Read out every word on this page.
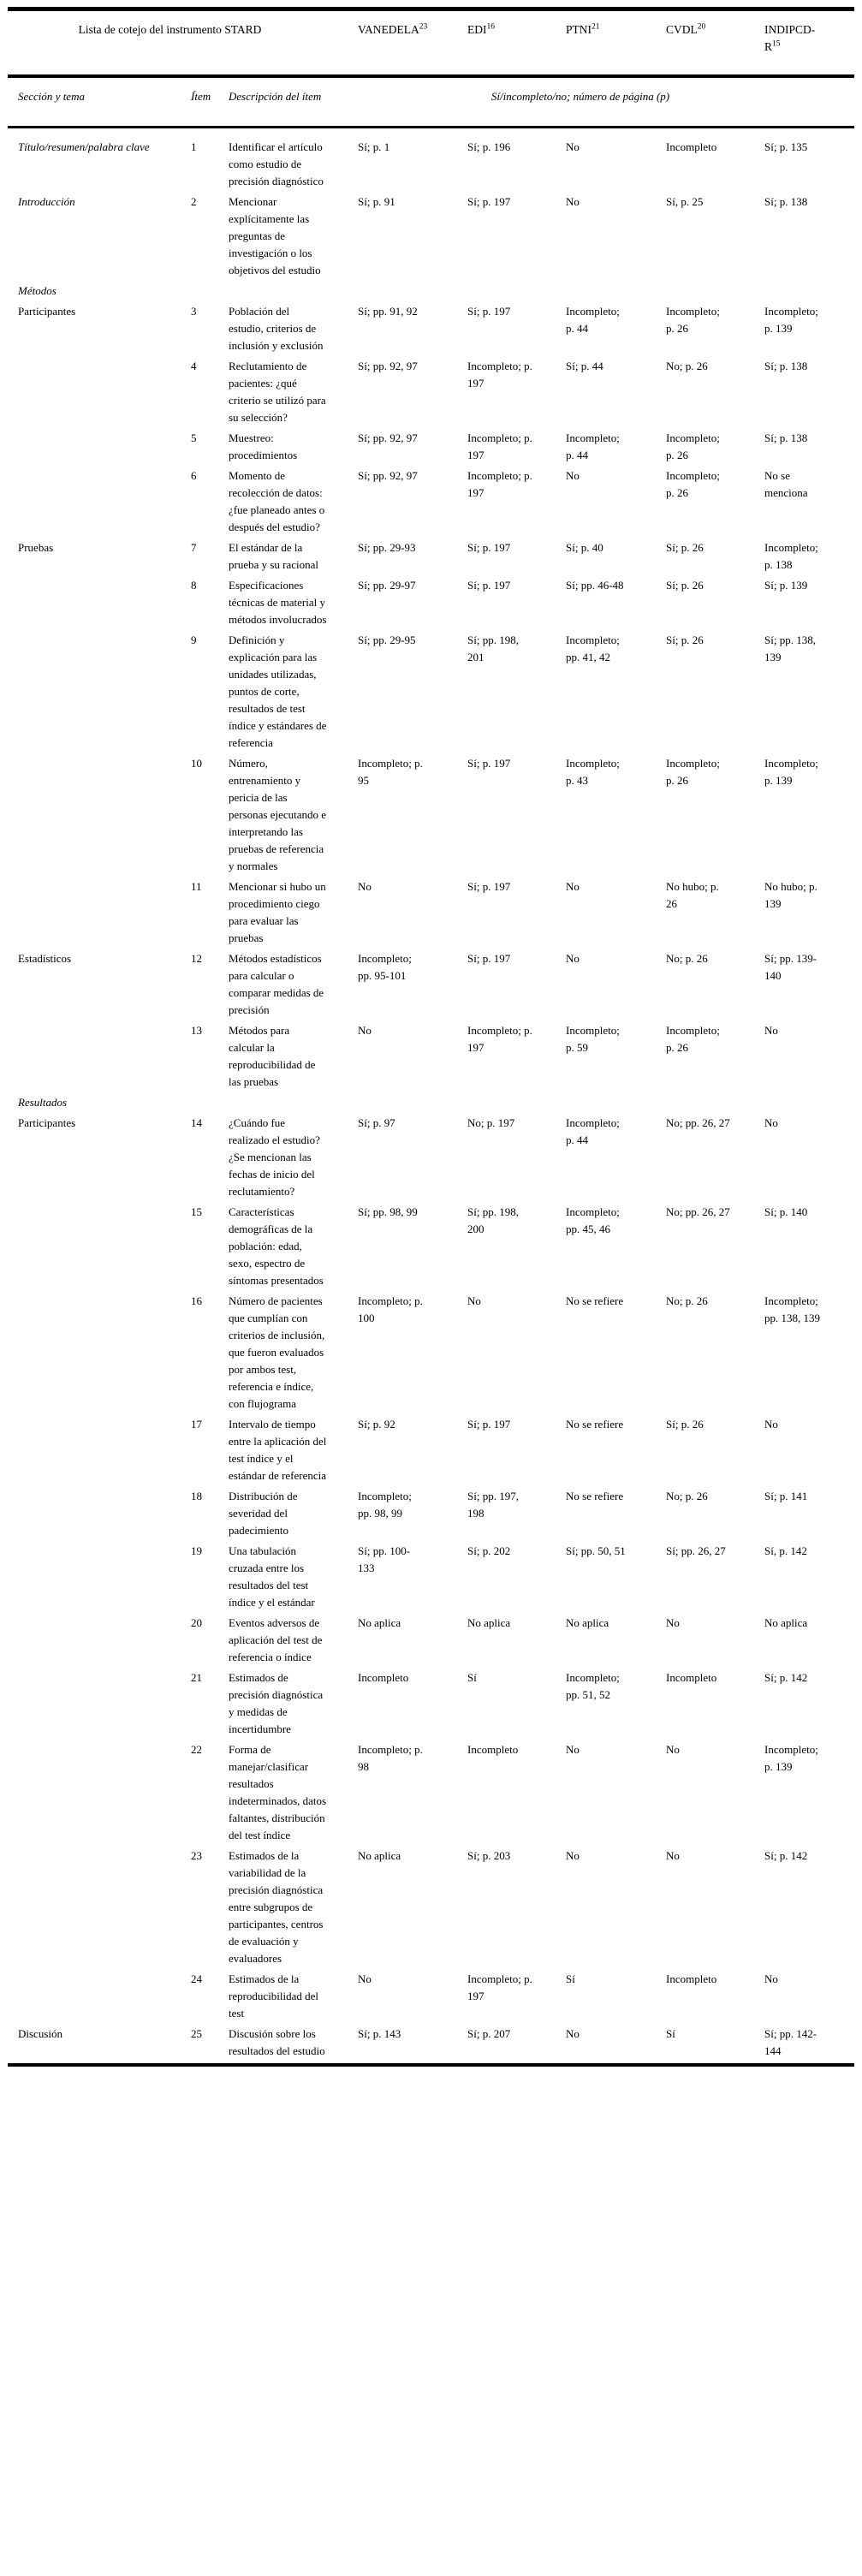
Lista de cotejo del instrumento STARD			VANEDELA$^{23}$	EDI$^{16}$	PTNI$^{21}$	CVDL$^{20}$	INDIPCD-$R^{15}$
Sección y tema	Ítem	Descripción del ítem	Sí/incompleto/no; número de página (p)				
Título/resumen/palabra clave	1	Identificar el artículo como estudio de precisión diagnóstico	Sí; p. 1	Sí; p. 196	No	Incompleto	Sí; p. 135
Introducción	2	Mencionar explícitamente las preguntas de investigación o los objetivos del estudio	Sí; p. 91	Sí; p. 197	No	Sí, p. 25	Sí; p. 138
Métodos							
Participantes	3	Población del estudio, criterios de inclusión y exclusión	Sí; pp. 91, 92	Sí; p. 197	Incompleto; p. 44	Incompleto; p. 26	Incompleto; p. 139
	4	Reclutamiento de pacientes: ¿qué criterio se utilizó para su selección?	Sí; pp. 92, 97	Incompleto; p. 197	Sí; p. 44	No; p. 26	Sí; p. 138
	5	Muestreo: procedimientos	Sí; pp. 92, 97	Incompleto; p. 197	Incompleto; p. 44	Incompleto; p. 26	Sí; p. 138
	6	Momento de recolección de datos: ¿fue planeado antes o después del estudio?	Sí; pp. 92, 97	Incompleto; p. 197	No	Incompleto; p. 26	No se menciona
Pruebas	7	El estándar de la prueba y su racional	Sí; pp. 29-93	Sí; p. 197	Sí; p. 40	Sí; p. 26	Incompleto; p. 138
	8	Especificaciones técnicas de material y métodos involucrados	Sí; pp. 29-97	Sí; p. 197	Sí; pp. 46-48	Sí; p. 26	Sí; p. 139
	9	Definición y explicación para las unidades utilizadas, puntos de corte, resultados de test índice y estándares de referencia	Sí; pp. 29-95	Sí; pp. 198, 201	Incompleto; pp. 41, 42	Sí; p. 26	Sí; pp. 138, 139
	10	Número, entrenamiento y pericia de las personas ejecutando e interpretando las pruebas de referencia y normales	Incompleto; p. 95	Sí; p. 197	Incompleto; p. 43	Incompleto; p. 26	Incompleto; p. 139
	11	Mencionar si hubo un procedimiento ciego para evaluar las pruebas	No	Sí; p. 197	No	No hubo; p. 26	No hubo; p. 139
Estadísticos	12	Métodos estadísticos para calcular o comparar medidas de precisión	Incompleto; pp. 95-101	Sí; p. 197	No	No; p. 26	Sí; pp. 139-140
	13	Métodos para calcular la reproducibilidad de las pruebas	No	Incompleto; p. 197	Incompleto; p. 59	Incompleto; p. 26	No
Resultados							
Participantes	14	¿Cuándo fue realizado el estudio? ¿Se mencionan las fechas de inicio del reclutamiento?	Sí; p. 97	No; p. 197	Incompleto; p. 44	No; pp. 26, 27	No
	15	Características demográficas de la población: edad, sexo, espectro de síntomas presentados	Sí; pp. 98, 99	Sí; pp. 198, 200	Incompleto; pp. 45, 46	No; pp. 26, 27	Sí; p. 140
	16	Número de pacientes que cumplían con criterios de inclusión, que fueron evaluados por ambos test, referencia e índice, con flujograma	Incompleto; p. 100	No	No se refiere	No; p. 26	Incompleto; pp. 138, 139
	17	Intervalo de tiempo entre la aplicación del test índice y el estándar de referencia	Sí; p. 92	Sí; p. 197	No se refiere	Sí; p. 26	No
	18	Distribución de severidad del padecimiento	Incompleto; pp. 98, 99	Sí; pp. 197, 198	No se refiere	No; p. 26	Sí; p. 141
	19	Una tabulación cruzada entre los resultados del test índice y el estándar	Sí; pp. 100-133	Sí; p. 202	Sí; pp. 50, 51	Sí; pp. 26, 27	Sí, p. 142
	20	Eventos adversos de aplicación del test de referencia o índice	No aplica	No aplica	No aplica	No	No aplica
	21	Estimados de precisión diagnóstica y medidas de incertidumbre	Incompleto	Sí	Incompleto; pp. 51, 52	Incompleto	Sí; p. 142
	22	Forma de manejar/clasificar resultados indeterminados, datos faltantes, distribución del test índice	Incompleto; p. 98	Incompleto	No	No	Incompleto; p. 139
	23	Estimados de la variabilidad de la precisión diagnóstica entre subgrupos de participantes, centros de evaluación y evaluadores	No aplica	Sí; p. 203	No	No	Sí; p. 142
	24	Estimados de la reproducibilidad del test	No	Incompleto; p. 197	Sí	Incompleto	No
Discusión	25	Discusión sobre los resultados del estudio	Sí; p. 143	Sí; p. 207	No	Sí	Sí; pp. 142-144
